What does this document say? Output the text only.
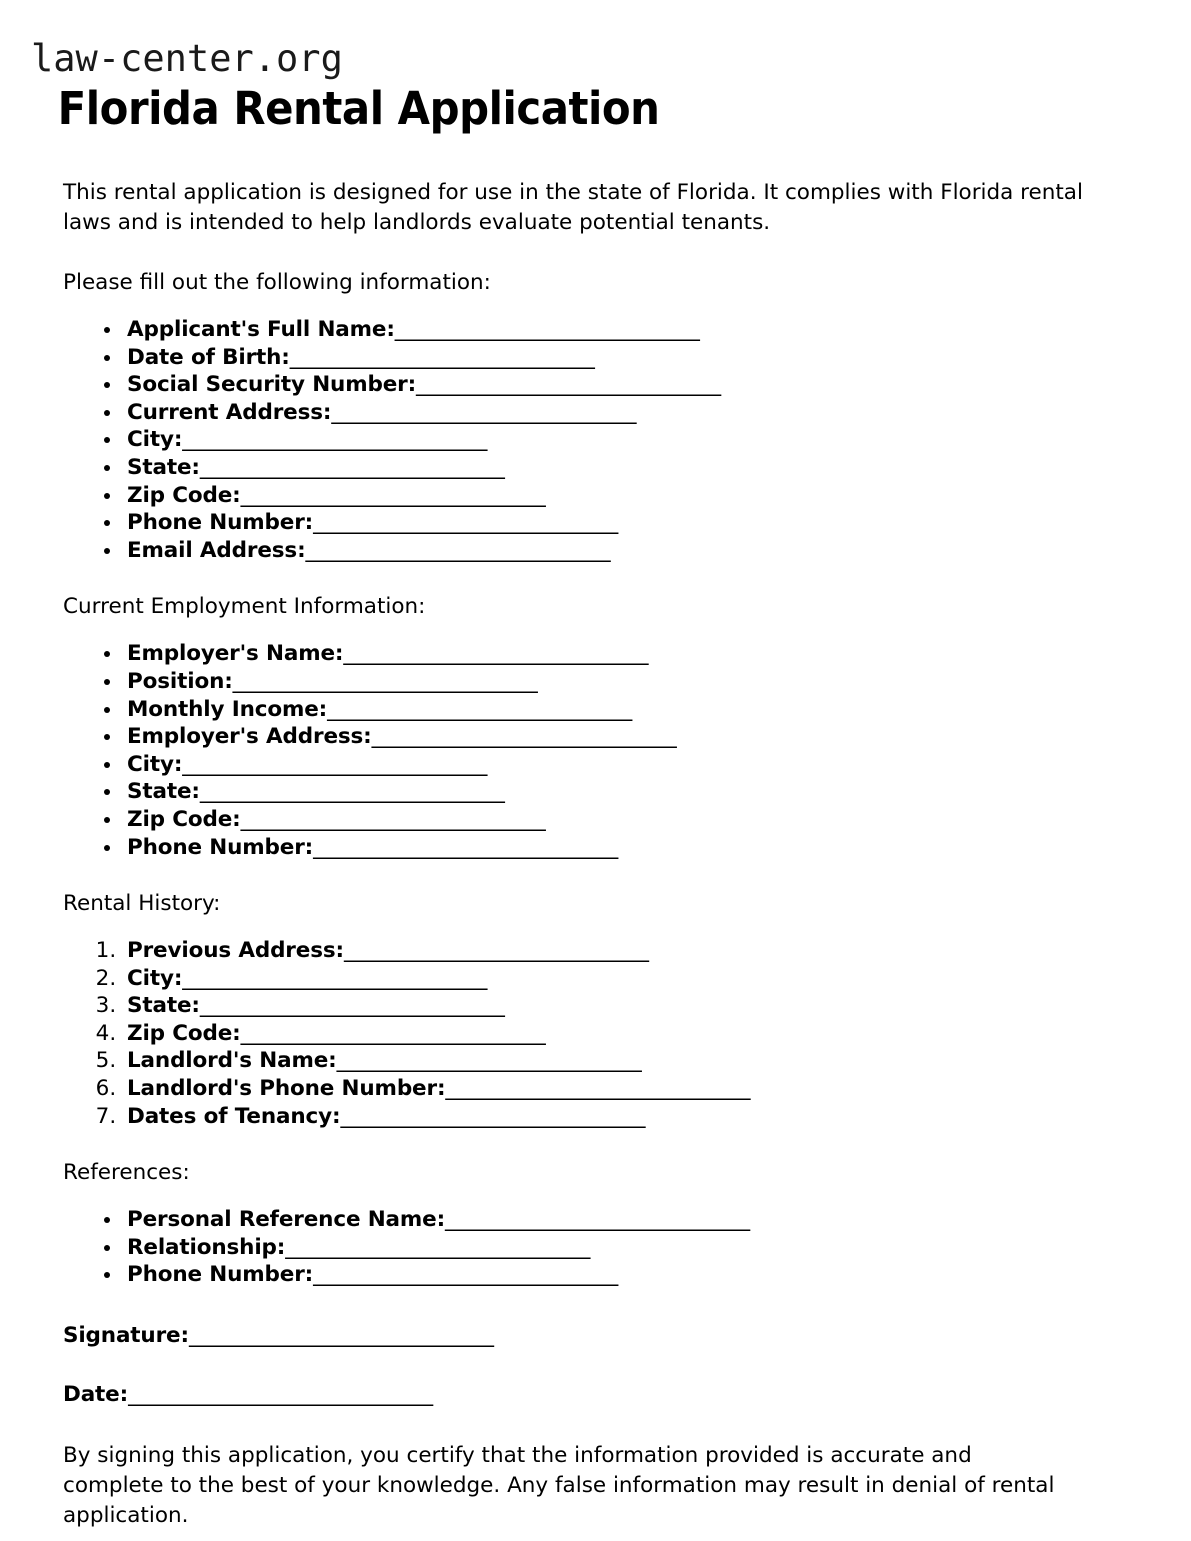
law-center.org
Florida Rental Application

This rental application is designed for use in the state of Florida. It complies with Florida rental laws and is intended to help landlords evaluate potential tenants.

Please fill out the following information:

• Applicant's Full Name:______________________________
• Date of Birth:______________________________
• Social Security Number:______________________________
• Current Address:______________________________
• City:______________________________
• State:______________________________
• Zip Code:______________________________
• Phone Number:______________________________
• Email Address:______________________________

Current Employment Information:

• Employer's Name:______________________________
• Position:______________________________
• Monthly Income:______________________________
• Employer's Address:______________________________
• City:______________________________
• State:______________________________
• Zip Code:______________________________
• Phone Number:______________________________

Rental History:

1. Previous Address:______________________________
2. City:______________________________
3. State:______________________________
4. Zip Code:______________________________
5. Landlord's Name:______________________________
6. Landlord's Phone Number:______________________________
7. Dates of Tenancy:______________________________

References:

• Personal Reference Name:______________________________
• Relationship:______________________________
• Phone Number:______________________________

Signature:______________________________

Date:______________________________

By signing this application, you certify that the information provided is accurate and complete to the best of your knowledge. Any false information may result in denial of rental application.
